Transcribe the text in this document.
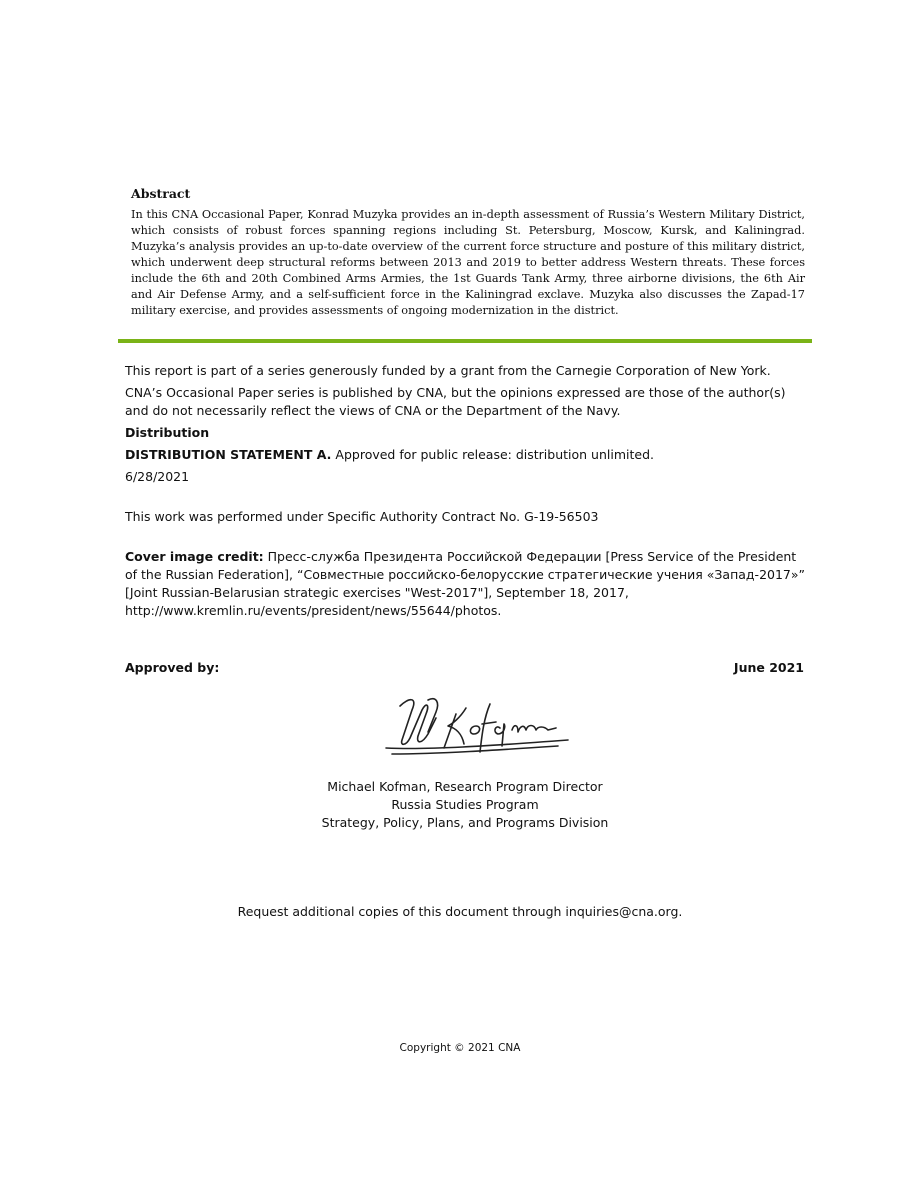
Abstract

In this CNA Occasional Paper, Konrad Muzyka provides an in-depth assessment of Russia’s Western Military District, which consists of robust forces spanning regions including St. Petersburg, Moscow, Kursk, and Kaliningrad. Muzyka’s analysis provides an up-to-date overview of the current force structure and posture of this military district, which underwent deep structural reforms between 2013 and 2019 to better address Western threats. These forces include the 6th and 20th Combined Arms Armies, the 1st Guards Tank Army, three airborne divisions, the 6th Air and Air Defense Army, and a self-sufficient force in the Kaliningrad exclave. Muzyka also discusses the Zapad-17 military exercise, and provides assessments of ongoing modernization in the district.

This report is part of a series generously funded by a grant from the Carnegie Corporation of New York.

CNA’s Occasional Paper series is published by CNA, but the opinions expressed are those of the author(s) and do not necessarily reflect the views of CNA or the Department of the Navy.

Distribution

DISTRIBUTION STATEMENT A. Approved for public release: distribution unlimited.

6/28/2021

This work was performed under Specific Authority Contract No. G-19-56503

Cover image credit: Пресс-служба Президента Российской Федерации [Press Service of the President of the Russian Federation], “Совместные российско-белорусские стратегические учения «Запад-2017»” [Joint Russian-Belarusian strategic exercises "West-2017"], September 18, 2017, http://www.kremlin.ru/events/president/news/55644/photos.

Approved by:	June 2021
Michael Kofman, Research Program Director
Russia Studies Program
Strategy, Policy, Plans, and Programs Division
Request additional copies of this document through inquiries@cna.org.
Copyright © 2021 CNA
